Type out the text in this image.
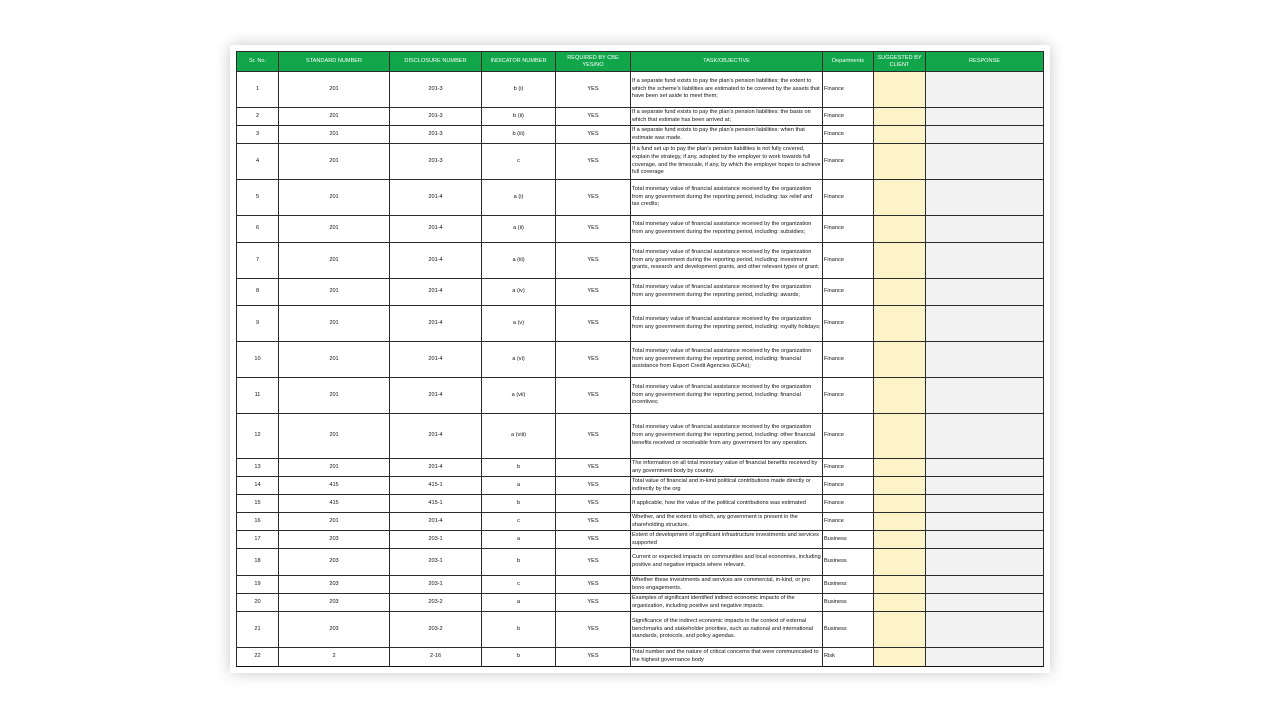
Sr. No.	STANDARD NUMBER	DISCLOSURE NUMBER	INDICATOR NUMBER	REQUIRED BY CBE YES/NO	TASK/OBJECTIVE	Departments	SUGGESTED BY CLIENT	RESPONSE
1	201	201-3	b (i)	YES	If a separate fund exists to pay the plan’s pension liabilities: the extent to which the scheme’s liabilities are estimated to be covered by the assets that have been set aside to meet them;	Finance		
2	201	201-3	b (ii)	YES	If a separate fund exists to pay the plan’s pension liabilities: the basis on which that estimate has been arrived at;	Finance		
3	201	201-3	b (iii)	YES	If a separate fund exists to pay the plan’s pension liabilities: when that estimate was made.	Finance		
4	201	201-3	c	YES	If a fund set up to pay the plan’s pension liabilities is not fully covered, explain the strategy, if any, adopted by the employer to work towards full coverage, and the timescale, if any, by which the employer hopes to achieve full coverage	Finance		
5	201	201-4	a (i)	YES	Total monetary value of financial assistance received by the organization from any government during the reporting period, including: tax relief and tax credits;	Finance		
6	201	201-4	a (ii)	YES	Total monetary value of financial assistance received by the organization from any government during the reporting period, including: subsidies;	Finance		
7	201	201-4	a (iii)	YES	Total monetary value of financial assistance received by the organization from any government during the reporting period, including: investment grants, research and development grants, and other relevant types of grant;	Finance		
8	201	201-4	a (iv)	YES	Total monetary value of financial assistance received by the organization from any government during the reporting period, including: awards;	Finance		
9	201	201-4	a (v)	YES	Total monetary value of financial assistance received by the organization from any government during the reporting period, including: royalty holidays;	Finance		
10	201	201-4	a (vi)	YES	Total monetary value of financial assistance received by the organization from any government during the reporting period, including: financial assistance from Export Credit Agencies (ECAs);	Finance		
11	201	201-4	a (vii)	YES	Total monetary value of financial assistance received by the organization from any government during the reporting period, including: financial incentives;	Finance		
12	201	201-4	a (viii)	YES	Total monetary value of financial assistance received by the organization from any government during the reporting period, including: other financial benefits received or receivable from any government for any operation.	Finance		
13	201	201-4	b	YES	The information on all total monetary value of financial benefits received by any government body by country.	Finance		
14	415	415-1	a	YES	Total value of financial and in-kind political contributions made directly or indirectly by the org	Finance		
15	415	415-1	b	YES	If applicable, how the value of the political contributions was estimated	Finance		
16	201	201-4	c	YES	Whether, and the extent to which, any government is present in the shareholding structure.	Finance		
17	203	203-1	a	YES	Extent of development of significant infrastructure investments and services supported	Business		
18	203	203-1	b	YES	Current or expected impacts on communities and local economies, including positive and negative impacts where relevant.	Business		
19	203	203-1	c	YES	Whether these investments and services are commercial, in-kind, or pro bono engagements.	Business		
20	203	203-2	a	YES	Examples of significant identified indirect economic impacts of the organization, including positive and negative impacts.	Business		
21	203	203-2	b	YES	Significance of the indirect economic impacts in the context of external benchmarks and stakeholder priorities, such as national and international standards, protocols, and policy agendas.	Business		
22	2	2-16	b	YES	Total number and the nature of critical concerns that were communicated to the highest governance body	Risk		
